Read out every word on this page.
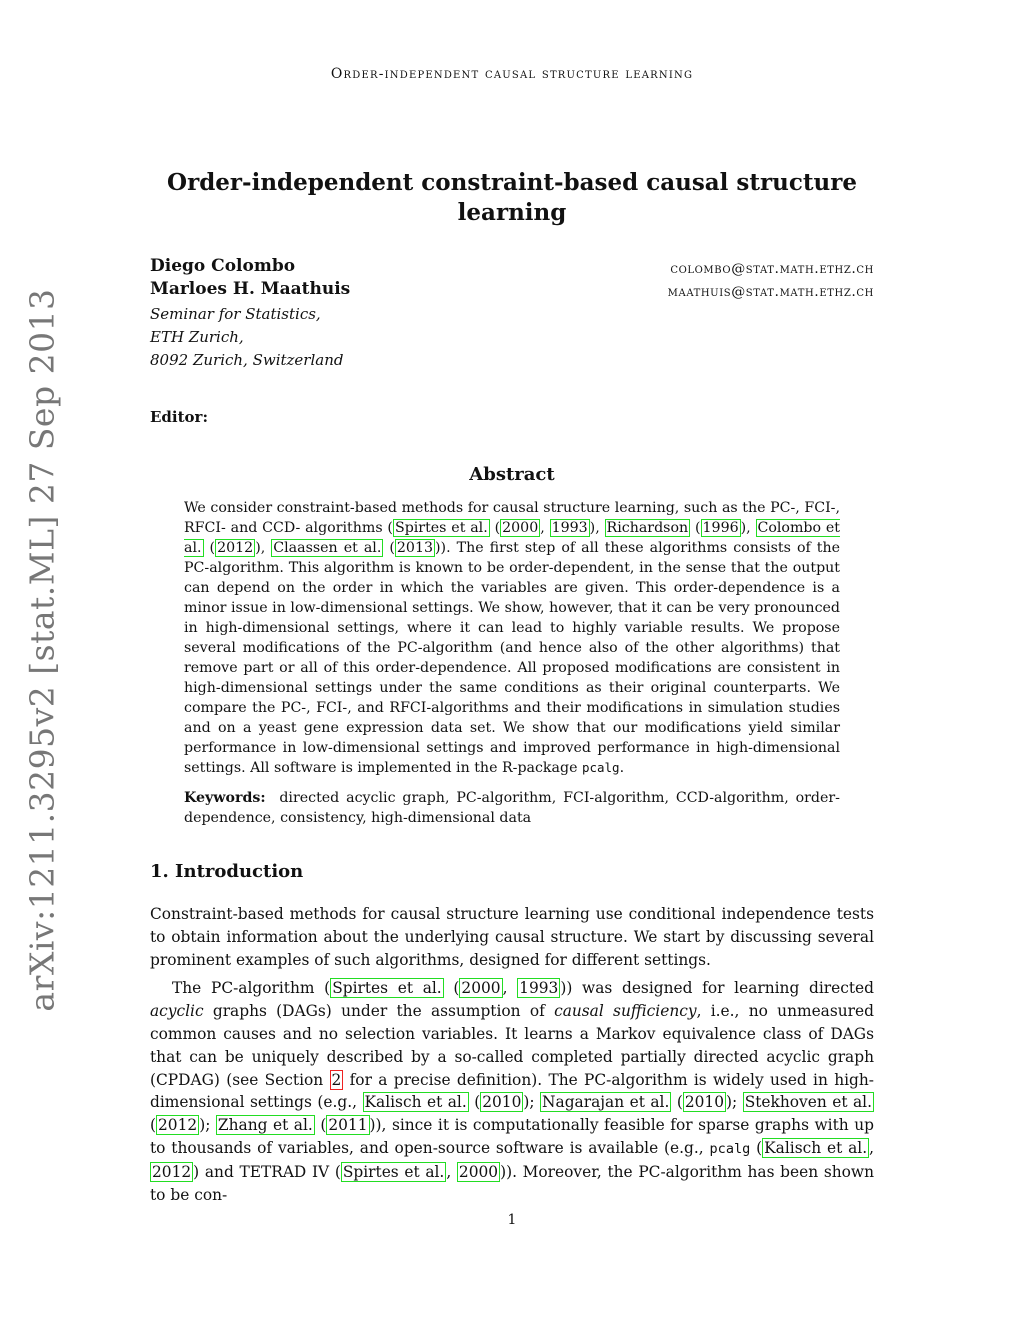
Order-independent causal structure learning
Order-independent constraint-based causal structure
learning
Diego Colombo	colombo@stat.math.ethz.ch
Marloes H. Maathuis	maathuis@stat.math.ethz.ch
Seminar for Statistics,
ETH Zurich,
8092 Zurich, Switzerland
Editor:
Abstract
We consider constraint-based methods for causal structure learning, such as the PC-, FCI-, RFCI- and CCD- algorithms ( Spirtes et al. ( 2000 , 1993 ), Richardson ( 1996 ), Colombo et al. ( 2012 ), Claassen et al. ( 2013 )). The first step of all these algorithms consists of the PC-algorithm. This algorithm is known to be order-dependent, in the sense that the output can depend on the order in which the variables are given. This order-dependence is a minor issue in low-dimensional settings. We show, however, that it can be very pronounced in high-dimensional settings, where it can lead to highly variable results. We propose several modifications of the PC-algorithm (and hence also of the other algorithms) that remove part or all of this order-dependence. All proposed modifications are consistent in high-dimensional settings under the same conditions as their original counterparts. We compare the PC-, FCI-, and RFCI-algorithms and their modifications in simulation studies and on a yeast gene expression data set. We show that our modifications yield similar performance in low-dimensional settings and improved performance in high-dimensional settings. All software is implemented in the R-package pcalg.
Keywords: directed acyclic graph, PC-algorithm, FCI-algorithm, CCD-algorithm, order-dependence, consistency, high-dimensional data
1. Introduction

Constraint-based methods for causal structure learning use conditional independence tests to obtain information about the underlying causal structure. We start by discussing several prominent examples of such algorithms, designed for different settings.

The PC-algorithm ( Spirtes et al. ( 2000 , 1993 )) was designed for learning directed acyclic graphs (DAGs) under the assumption of causal sufficiency, i.e., no unmeasured common causes and no selection variables. It learns a Markov equivalence class of DAGs that can be uniquely described by a so-called completed partially directed acyclic graph (CPDAG) (see Section 2 for a precise definition). The PC-algorithm is widely used in high-dimensional settings (e.g., Kalisch et al. ( 2010 ); Nagarajan et al. ( 2010 ); Stekhoven et al. ( 2012 ); Zhang et al. ( 2011 )), since it is computationally feasible for sparse graphs with up to thousands of variables, and open-source software is available (e.g., pcalg ( Kalisch et al. , 2012 ) and TETRAD IV ( Spirtes et al. , 2000 )). Moreover, the PC-algorithm has been shown to be con-

1
arXiv:1211.3295v2 [stat.ML] 27 Sep 2013
